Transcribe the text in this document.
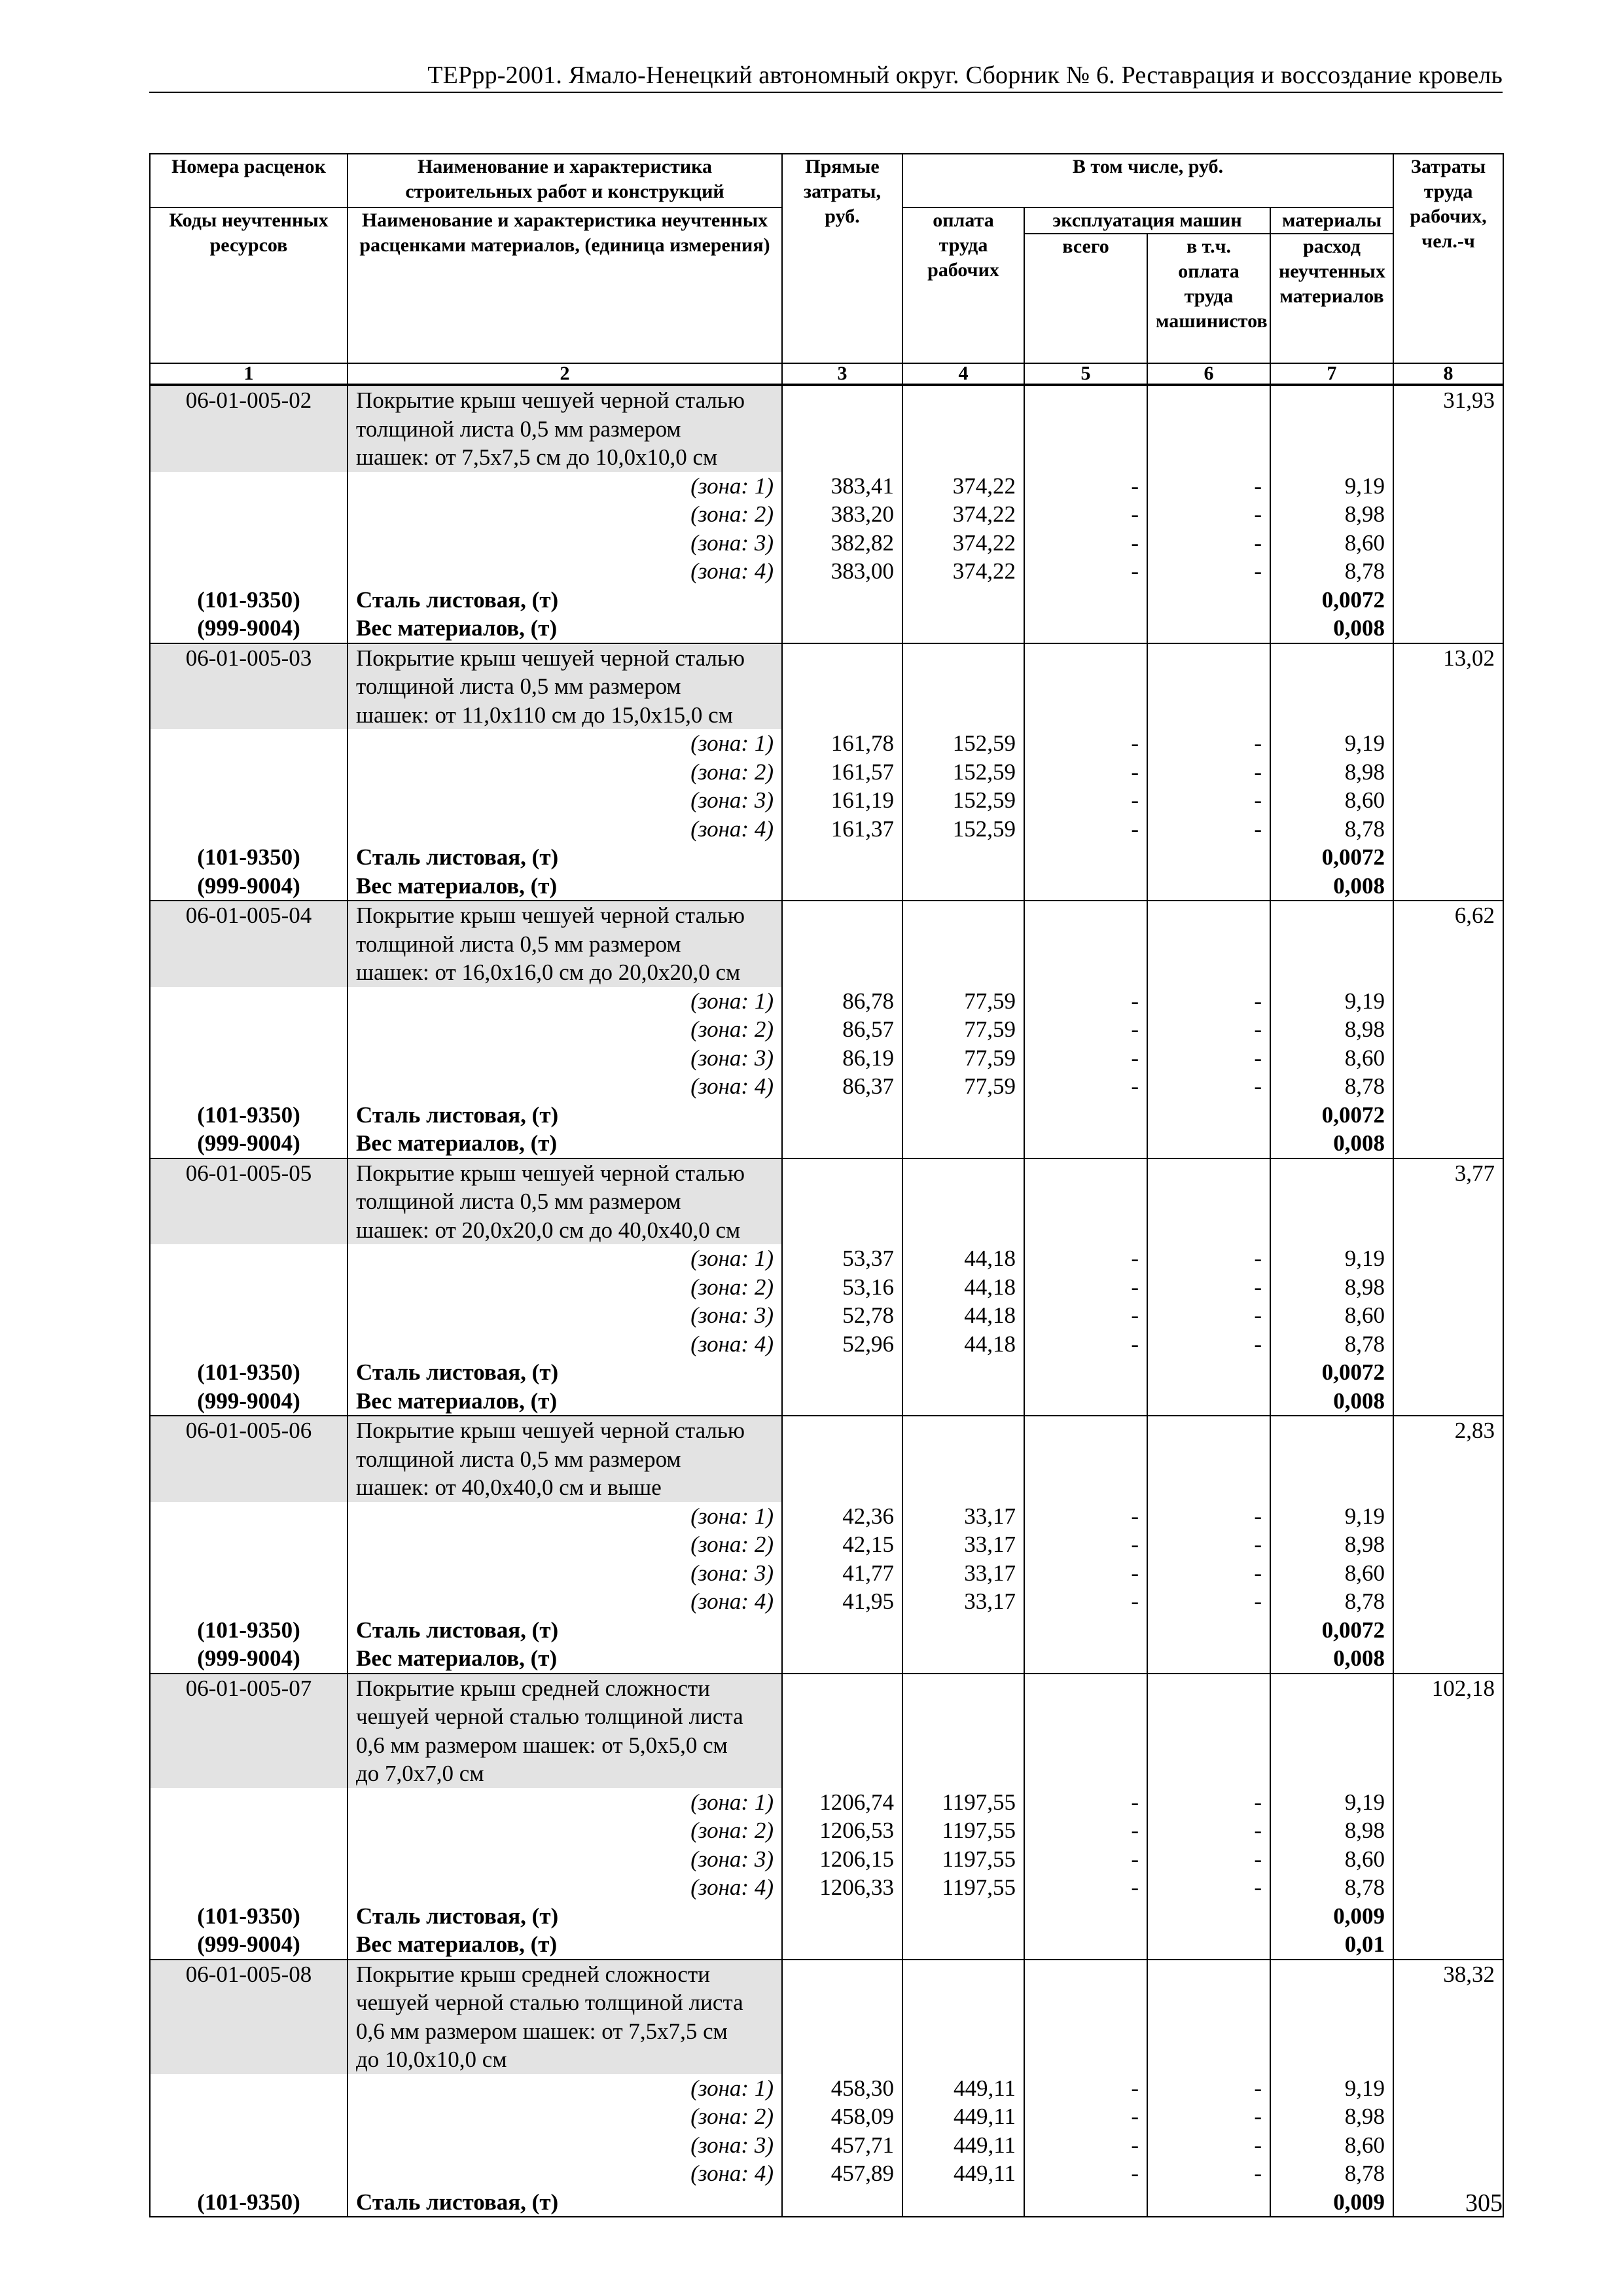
ТЕРрр-2001. Ямало-Ненецкий автономный округ. Сборник № 6. Реставрация и воссоздание кровель
Номера расценок	Наименование и характеристика строительных работ и конструкций	Прямые затраты, руб.	В том числе, руб.				Затраты труда рабочих, чел.-ч
Коды неучтенных ресурсов	Наименование и характеристика неучтенных расценками материалов, (единица измерения)		оплата труда рабочих	эксплуатация машин		материалы	
				всего	в т.ч. оплата труда машинистов	расход неучтенных материалов	
1	2	3	4	5	6	7	8
06-01-005-02	Покрытие крыш чешуей черной сталью						31,93
	толщиной листа 0,5 мм размером						
	шашек: от 7,5х7,5 см до 10,0х10,0 см						
	(зона: 1)	383,41	374,22	-	-	9,19	
	(зона: 2)	383,20	374,22	-	-	8,98	
	(зона: 3)	382,82	374,22	-	-	8,60	
	(зона: 4)	383,00	374,22	-	-	8,78	
(101-9350)	Сталь листовая, (т)					0,0072	
(999-9004)	Вес материалов, (т)					0,008	
06-01-005-03	Покрытие крыш чешуей черной сталью						13,02
	толщиной листа 0,5 мм размером						
	шашек: от 11,0х110 см до 15,0х15,0 см						
	(зона: 1)	161,78	152,59	-	-	9,19	
	(зона: 2)	161,57	152,59	-	-	8,98	
	(зона: 3)	161,19	152,59	-	-	8,60	
	(зона: 4)	161,37	152,59	-	-	8,78	
(101-9350)	Сталь листовая, (т)					0,0072	
(999-9004)	Вес материалов, (т)					0,008	
06-01-005-04	Покрытие крыш чешуей черной сталью						6,62
	толщиной листа 0,5 мм размером						
	шашек: от 16,0х16,0 см до 20,0х20,0 см						
	(зона: 1)	86,78	77,59	-	-	9,19	
	(зона: 2)	86,57	77,59	-	-	8,98	
	(зона: 3)	86,19	77,59	-	-	8,60	
	(зона: 4)	86,37	77,59	-	-	8,78	
(101-9350)	Сталь листовая, (т)					0,0072	
(999-9004)	Вес материалов, (т)					0,008	
06-01-005-05	Покрытие крыш чешуей черной сталью						3,77
	толщиной листа 0,5 мм размером						
	шашек: от 20,0х20,0 см до 40,0х40,0 см						
	(зона: 1)	53,37	44,18	-	-	9,19	
	(зона: 2)	53,16	44,18	-	-	8,98	
	(зона: 3)	52,78	44,18	-	-	8,60	
	(зона: 4)	52,96	44,18	-	-	8,78	
(101-9350)	Сталь листовая, (т)					0,0072	
(999-9004)	Вес материалов, (т)					0,008	
06-01-005-06	Покрытие крыш чешуей черной сталью						2,83
	толщиной листа 0,5 мм размером						
	шашек: от 40,0х40,0 см и выше						
	(зона: 1)	42,36	33,17	-	-	9,19	
	(зона: 2)	42,15	33,17	-	-	8,98	
	(зона: 3)	41,77	33,17	-	-	8,60	
	(зона: 4)	41,95	33,17	-	-	8,78	
(101-9350)	Сталь листовая, (т)					0,0072	
(999-9004)	Вес материалов, (т)					0,008	
06-01-005-07	Покрытие крыш средней сложности						102,18
	чешуей черной сталью толщиной листа						
	0,6 мм размером шашек: от 5,0х5,0 см						
	до 7,0х7,0 см						
	(зона: 1)	1206,74	1197,55	-	-	9,19	
	(зона: 2)	1206,53	1197,55	-	-	8,98	
	(зона: 3)	1206,15	1197,55	-	-	8,60	
	(зона: 4)	1206,33	1197,55	-	-	8,78	
(101-9350)	Сталь листовая, (т)					0,009	
(999-9004)	Вес материалов, (т)					0,01	
06-01-005-08	Покрытие крыш средней сложности						38,32
	чешуей черной сталью толщиной листа						
	0,6 мм размером шашек: от 7,5х7,5 см						
	до 10,0х10,0 см						
	(зона: 1)	458,30	449,11	-	-	9,19	
	(зона: 2)	458,09	449,11	-	-	8,98	
	(зона: 3)	457,71	449,11	-	-	8,60	
	(зона: 4)	457,89	449,11	-	-	8,78	
(101-9350)	Сталь листовая, (т)					0,009		305
